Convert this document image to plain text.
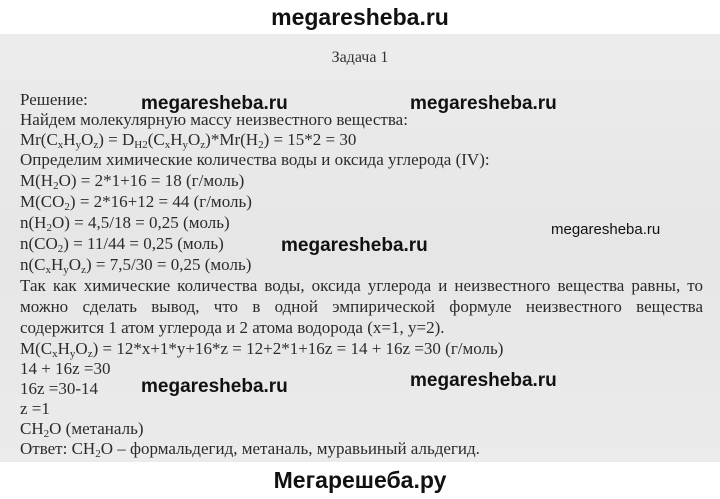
megaresheba.ru
Задача 1
Решение:
Найдем молекулярную массу неизвестного вещества:
$Mr(C_xH_yO_z) = D_{H2}(C_xH_yO_z)*Mr(H_2) = 15*2 = 30$
Определим химические количества воды и оксида углерода (IV):
$M(H_2O) = 2*1+16 = 18$ (г/моль)
$M(CO_2) = 2*16+12 = 44$ (г/моль)
$n(H_2O) = 4,5/18 = 0,25$ (моль)
$n(CO_2) = 11/44 = 0,25$ (моль)
$n(C_xH_yO_z) = 7,5/30 = 0,25$ (моль)
Так как химические количества воды, оксида углерода и неизвестного вещества равны, то
можно сделать вывод, что в одной эмпирической формуле неизвестного вещества
содержится 1 атом углерода и 2 атома водорода (x=1, y=2).
$M(C_xH_yO_z) = 12*x+1*y+16*z = 12+2*1+16z = 14 + 16z =30$ (г/моль)
14 + 16z =30
16z =30-14
z =1
$CH_2O$ (метаналь)
Ответ: $CH_2O$ – формальдегид, метаналь, муравьиный альдегид.
megaresheba.ru	megaresheba.ru
megaresheba.ru
megaresheba.ru
megaresheba.ru	megaresheba.ru
Мегарешеба.ру
